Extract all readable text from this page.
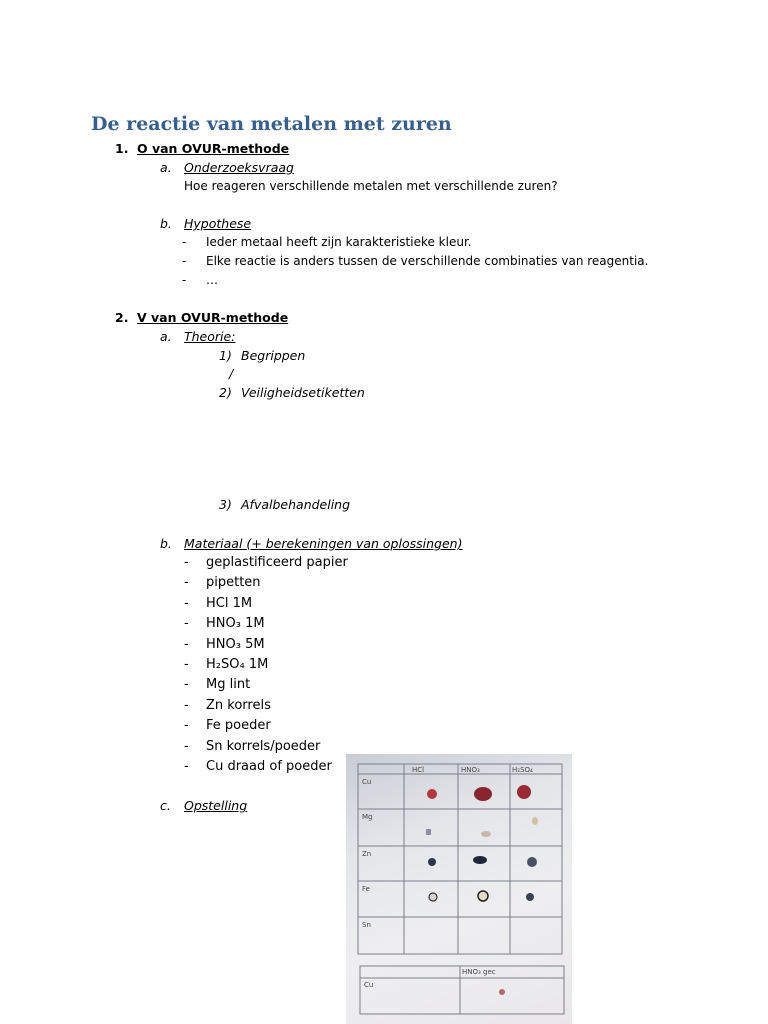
De reactie van metalen met zuren
1. O van OVUR-methode
a. Onderzoeksvraag
Hoe reageren verschillende metalen met verschillende zuren?
b. Hypothese
- Ieder metaal heeft zijn karakteristieke kleur.
- Elke reactie is anders tussen de verschillende combinaties van reagentia.
- …
2. V van OVUR-methode
a. Theorie:
1) Begrippen
/
2) Veiligheidsetiketten
3) Afvalbehandeling
b. Materiaal (+ berekeningen van oplossingen)
- geplastificeerd papier
- pipetten
- HCl 1M
- HNO₃ 1M
- HNO₃ 5M
- H₂SO₄ 1M
- Mg lint
- Zn korrels
- Fe poeder
- Sn korrels/poeder
- Cu draad of poeder
c. Opstelling
HCl	HNO₃	H₂SO₄
Cu
Mg
Zn
Fe
Sn
HNO₃ gec
Cu
